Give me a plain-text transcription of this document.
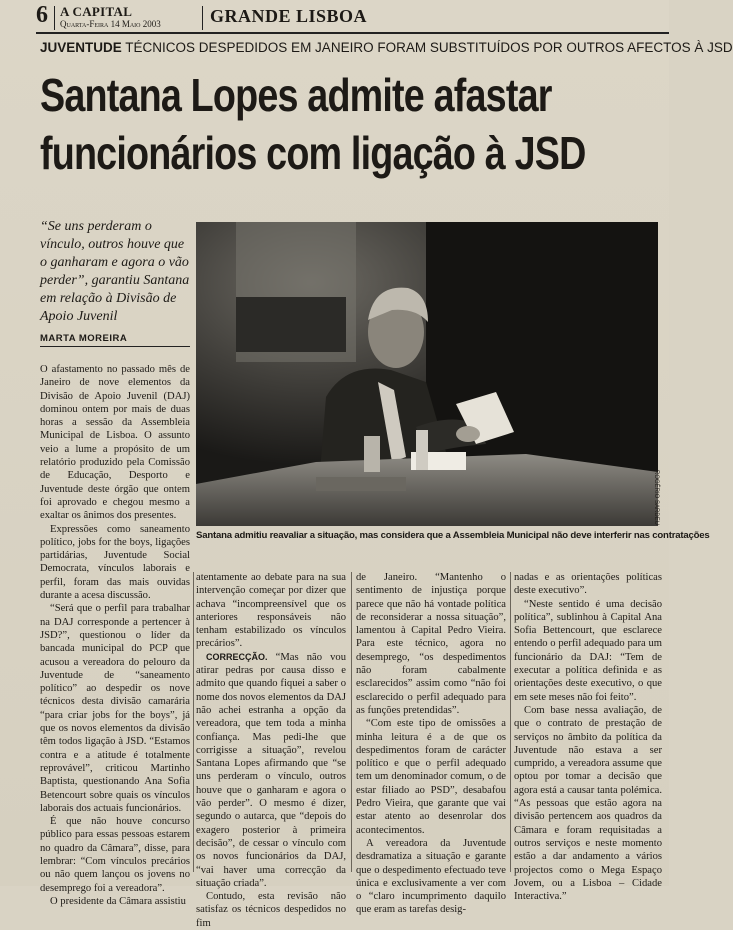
6 A CAPITAL
Quarta-Feira 14 Maio 2003	GRANDE LISBOA
JUVENTUDE TÉCNICOS DESPEDIDOS EM JANEIRO FORAM SUBSTITUÍDOS POR OUTROS AFECTOS À JSD
Santana Lopes admite afastar
funcionários com ligação à JSD
“Se uns perderam o vínculo, outros houve que o ganharam e agora o vão perder”, garantiu Santana em relação à Divisão de Apoio Juvenil
MARTA MOREIRA
ROGÉRIO SARDEU
Santana admitiu reavaliar a situação, mas considera que a Assembleia Municipal não deve interferir nas contratações

O afastamento no passado mês de Janeiro de nove elementos da Divisão de Apoio Juvenil (DAJ) dominou ontem por mais de duas horas a sessão da Assembleia Municipal de Lisboa. O assunto veio a lume a propósito de um relatório produzido pela Comissão de Educação, Desporto e Juventude deste órgão que ontem foi aprovado e chegou mesmo a exaltar os ânimos dos presentes.

Expressões como saneamento político, jobs for the boys, ligações partidárias, Juventude Social Democrata, vínculos laborais e perfil, foram das mais ouvidas durante a acesa discussão.

“Será que o perfil para trabalhar na DAJ corresponde a pertencer à JSD?”, questionou o líder da bancada municipal do PCP que acusou a vereadora do pelouro da Juventude de “saneamento político” ao despedir os nove técnicos desta divisão camarária “para criar jobs for the boys”, já que os novos elementos da divisão têm todos ligação à JSD. “Estamos contra e a atitude é totalmente reprovável”, criticou Martinho Baptista, questionando Ana Sofia Betencourt sobre quais os vínculos laborais dos actuais funcionários.

É que não houve concurso público para essas pessoas estarem no quadro da Câmara”, disse, para lembrar: “Com vínculos precários ou não quem lançou os jovens no desemprego foi a vereadora”.

O presidente da Câmara assistiu

atentamente ao debate para na sua intervenção começar por dizer que achava “incompreensível que os anteriores responsáveis não tenham estabilizado os vínculos precários”.

CORRECÇÃO. “Mas não vou atirar pedras por causa disso e admito que quando fiquei a saber o nome dos novos elementos da DAJ não achei estranha a opção da vereadora, que tem toda a minha confiança. Mas pedi-lhe que corrigisse a situação”, revelou Santana Lopes afirmando que “se uns perderam o vínculo, outros houve que o ganharam e agora o vão perder”. O mesmo é dizer, segundo o autarca, que “depois do exagero posterior à primeira decisão”, de cessar o vínculo com os novos funcionários da DAJ, “vai haver uma correcção da situação criada”.

Contudo, esta revisão não satisfaz os técnicos despedidos no fim

de Janeiro. “Mantenho o sentimento de injustiça porque parece que não há vontade política de reconsiderar a nossa situação”, lamentou à Capital Pedro Vieira. Para este técnico, agora no desemprego, “os despedimentos não foram cabalmente esclarecidos” assim como “não foi esclarecido o perfil adequado para as funções pretendidas”.

“Com este tipo de omissões a minha leitura é a de que os despedimentos foram de carácter político e que o perfil adequado tem um denominador comum, o de estar filiado ao PSD”, desabafou Pedro Vieira, que garante que vai estar atento ao desenrolar dos acontecimentos.

A vereadora da Juventude desdramatiza a situação e garante que o despedimento efectuado teve única e exclusivamente a ver com o “claro incumprimento daquilo que eram as tarefas desig-

nadas e as orientações políticas deste executivo”.

“Neste sentido é uma decisão política”, sublinhou à Capital Ana Sofia Bettencourt, que esclarece entendo o perfil adequado para um funcionário da DAJ: “Tem de executar a política definida e as orientações deste executivo, o que em sete meses não foi feito”.

Com base nessa avaliação, de que o contrato de prestação de serviços no âmbito da política da Juventude não estava a ser cumprido, a vereadora assume que optou por tomar a decisão que agora está a causar tanta polémica. “As pessoas que estão agora na divisão pertencem aos quadros da Câmara e foram requisitadas a outros serviços e neste momento estão a dar andamento a vários projectos como o Mega Espaço Jovem, ou a Lisboa – Cidade Interactiva.”
